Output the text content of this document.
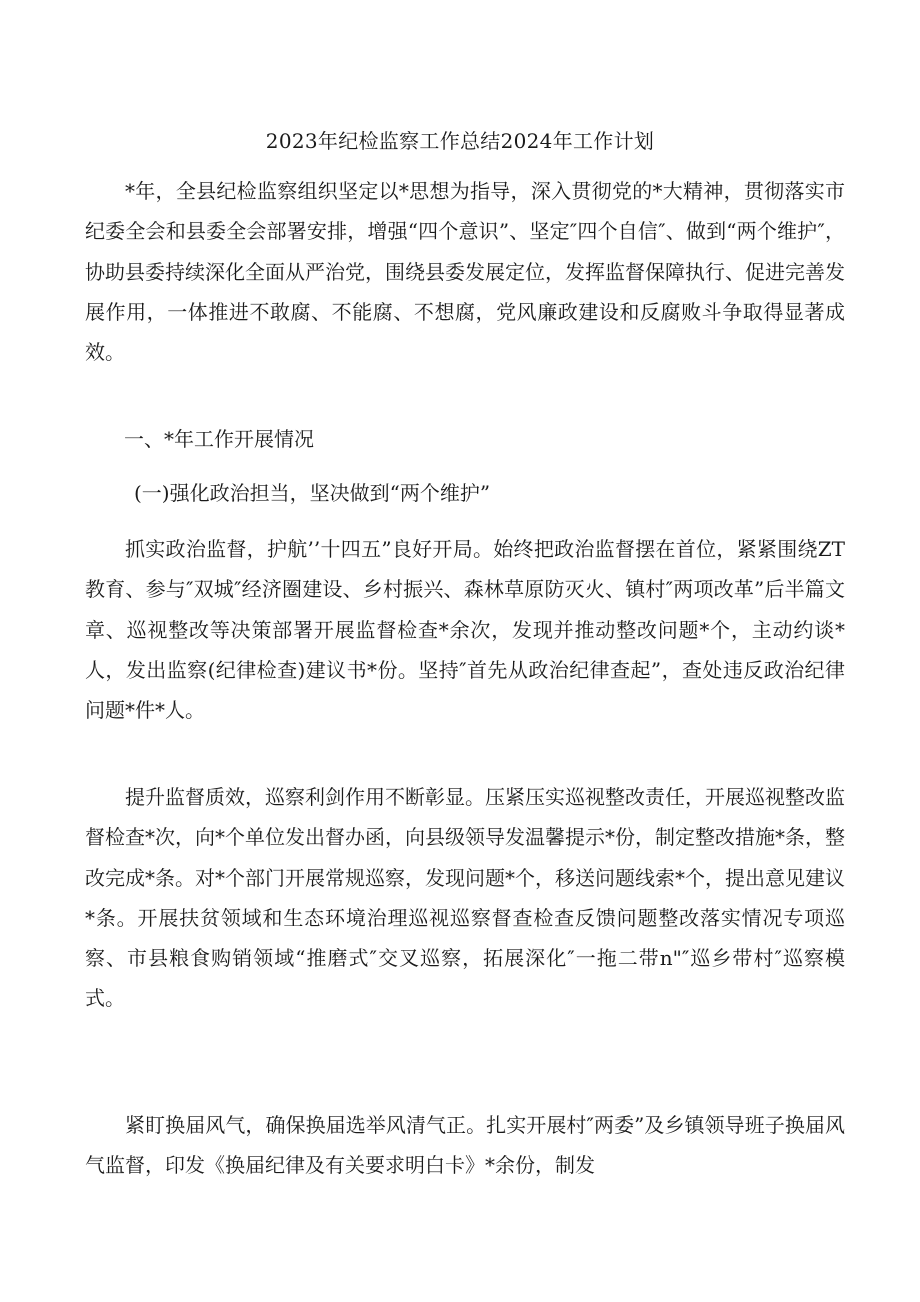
2023年纪检监察工作总结2024年工作计划

*年，全县纪检监察组织坚定以*思想为指导，深入贯彻党的*大精神，贯彻落实市纪委全会和县委全会部署安排，增强“四个意识”、坚定″四个自信″、做到“两个维护″，协助县委持续深化全面从严治党，围绕县委发展定位，发挥监督保障执行、促进完善发展作用，一体推进不敢腐、不能腐、不想腐，党风廉政建设和反腐败斗争取得显著成效。

一、*年工作开展情况
(一)强化政治担当，坚决做到“两个维护”

抓实政治监督，护航’’十四五”良好开局。始终把政治监督摆在首位，紧紧围绕ZT教育、参与″双城″经济圈建设、乡村振兴、森林草原防灭火、镇村″两项改革”后半篇文章、巡视整改等决策部署开展监督检查*余次，发现并推动整改问题*个，主动约谈*人，发出监察(纪律检查)建议书*份。坚持″首先从政治纪律查起”，查处违反政治纪律问题*件*人。

提升监督质效，巡察利剑作用不断彰显。压紧压实巡视整改责任，开展巡视整改监督检查*次，向*个单位发出督办函，向县级领导发温馨提示*份，制定整改措施*条，整改完成*条。对*个部门开展常规巡察，发现问题*个，移送问题线索*个，提出意见建议*条。开展扶贫领域和生态环境治理巡视巡察督查检查反馈问题整改落实情况专项巡察、市县粮食购销领域“推磨式″交叉巡察，拓展深化″一拖二带n"″巡乡带村″巡察模式。

紧盯换届风气，确保换届选举风清气正。扎实开展村″两委”及乡镇领导班子换届风气监督，印发《换届纪律及有关要求明白卡》*余份，制发
